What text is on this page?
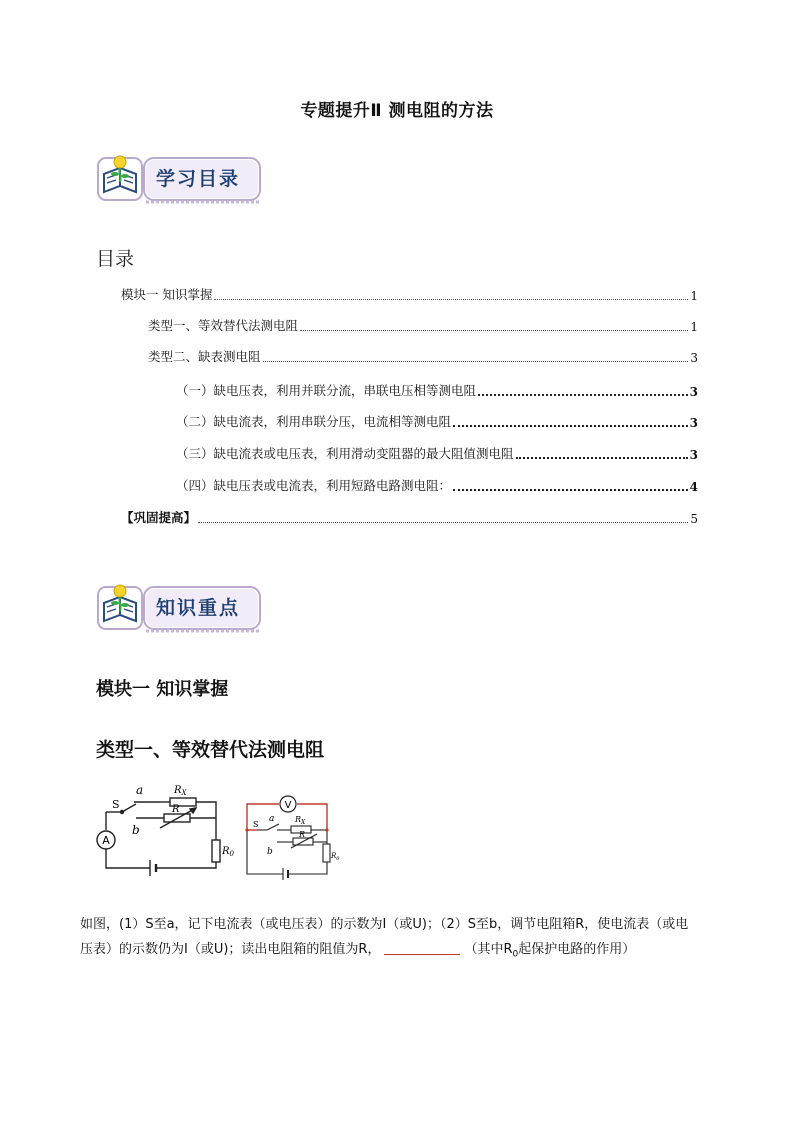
专题提升Ⅱ 测电阻的方法
学习目录
目录
模块一 知识掌握	1
类型一、等效替代法测电阻	1
类型二、缺表测电阻	3
（一）缺电压表，利用并联分流，串联电压相等测电阻	3
（二）缺电流表，利用串联分压，电流相等测电阻	3
（三）缺电流表或电压表，利用滑动变阻器的最大阻值测电阻	3
（四）缺电压表或电流表，利用短路电路测电阻：	4
【巩固提高】	5
知识重点
模块一 知识掌握
类型一、等效替代法测电阻
A
S
a
b
$R_X$
R
$R_0$
V
S
a
b
$R_X$
R
$R_0$
如图，(1）S至a，记下电流表（或电压表）的示数为I（或U)；（2）S至b，调节电阻箱R，使电流表（或电压表）的示数仍为I（或U)；读出电阻箱的阻值为R，	（其中$R_0$起保护电路的作用）
